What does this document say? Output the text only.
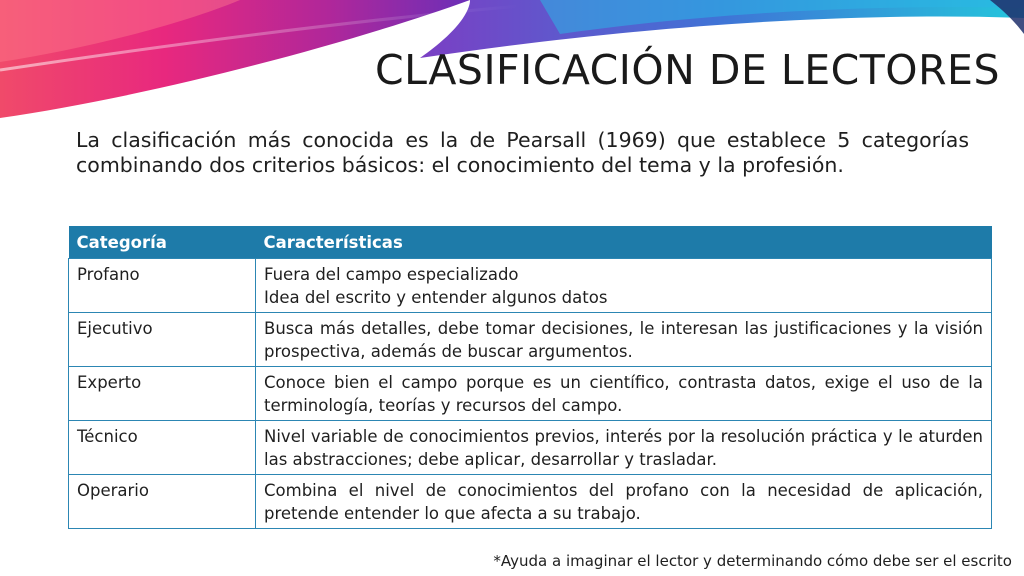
CLASIFICACIÓN DE LECTORES

La clasificación más conocida es la de Pearsall (1969) que establece 5 categorías combinando dos criterios básicos: el conocimiento del tema y la profesión.

Categoría	Características
Profano	Fuera del campo especializado
Idea del escrito y entender algunos datos

Ejecutivo	Busca más detalles, debe tomar decisiones, le interesan las justificaciones y la visión prospectiva, además de buscar argumentos.
Experto	Conoce bien el campo porque es un científico, contrasta datos, exige el uso de la terminología, teorías y recursos del campo.
Técnico	Nivel variable de conocimientos previos, interés por la resolución práctica y le aturden las abstracciones; debe aplicar, desarrollar y trasladar.
Operario	Combina el nivel de conocimientos del profano con la necesidad de aplicación, pretende entender lo que afecta a su trabajo.

*Ayuda a imaginar el lector y determinando cómo debe ser el escrito
